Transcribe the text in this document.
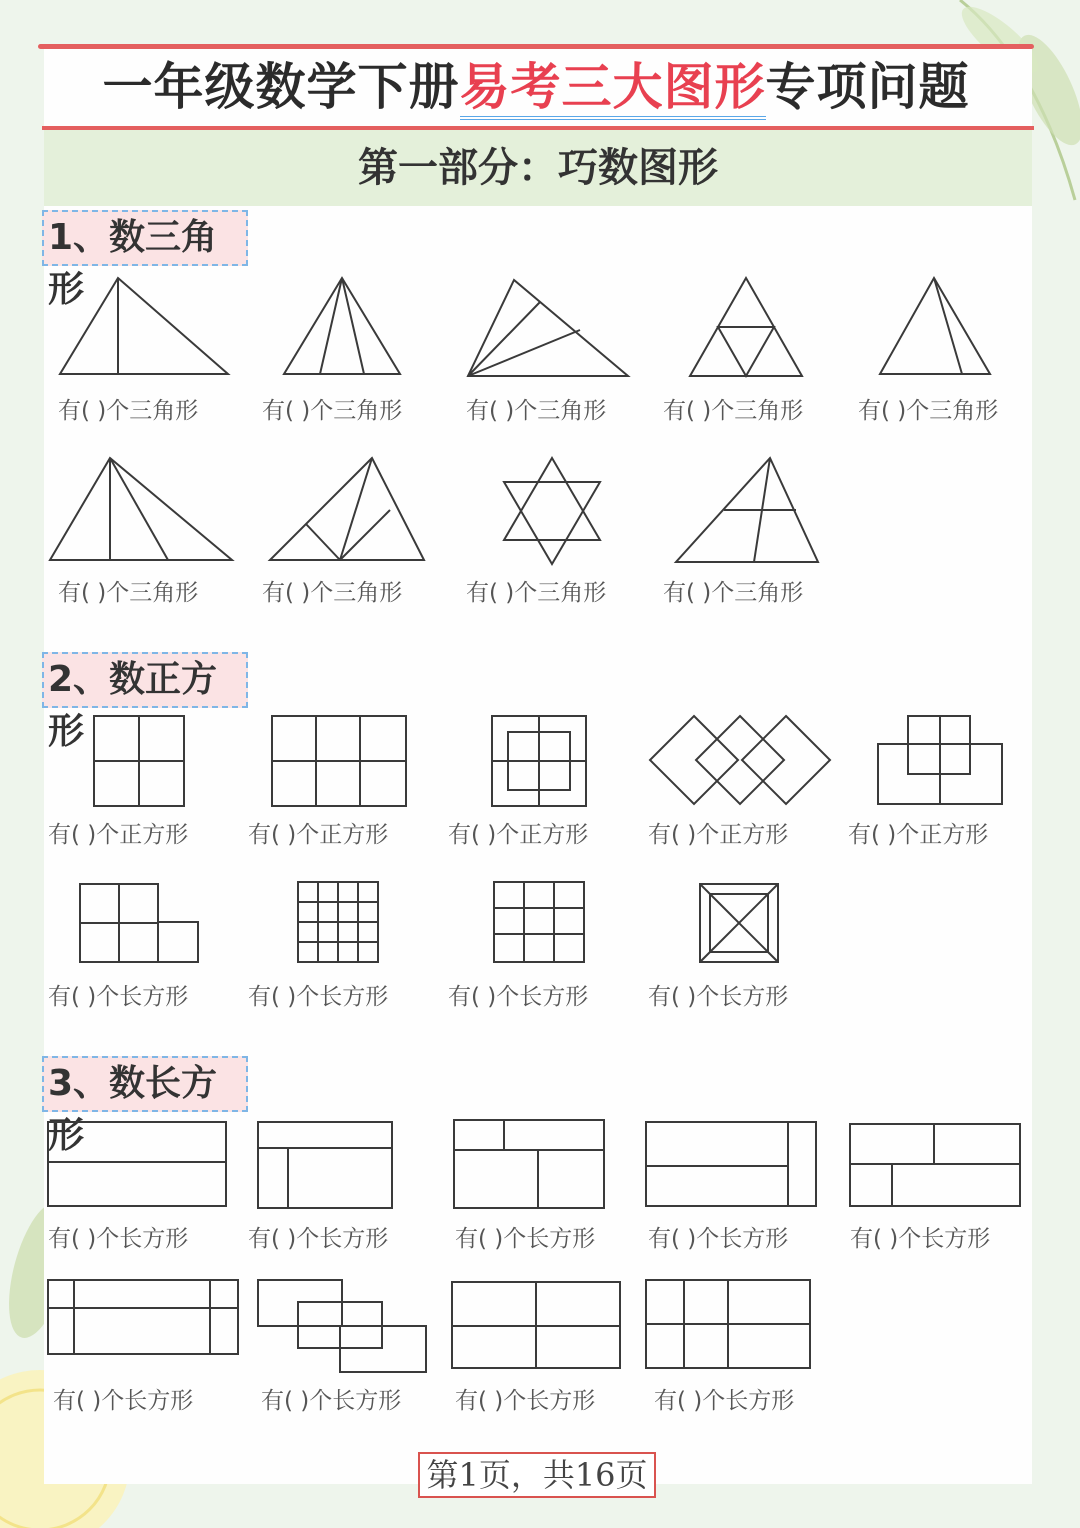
一年级数学下册易考三大图形专项问题
第一部分：巧数图形
1、数三角形
有( )个三角形	有( )个三角形	有( )个三角形 有( )个三角形 有( )个三角形
有( )个三角形	有( )个三角形	有( )个三角形 有( )个三角形
2、数正方形
有( )个正方形	有( )个正方形	有( )个正方形	有( )个正方形	有( )个正方形
有( )个长方形	有( )个长方形	有( )个长方形	有( )个长方形
3、数长方形
有( )个长方形	有( )个长方形	有( )个长方形 有( )个长方形	有( )个长方形
有( )个长方形	有( )个长方形 有( )个长方形	有( )个长方形
第1页，共16页
